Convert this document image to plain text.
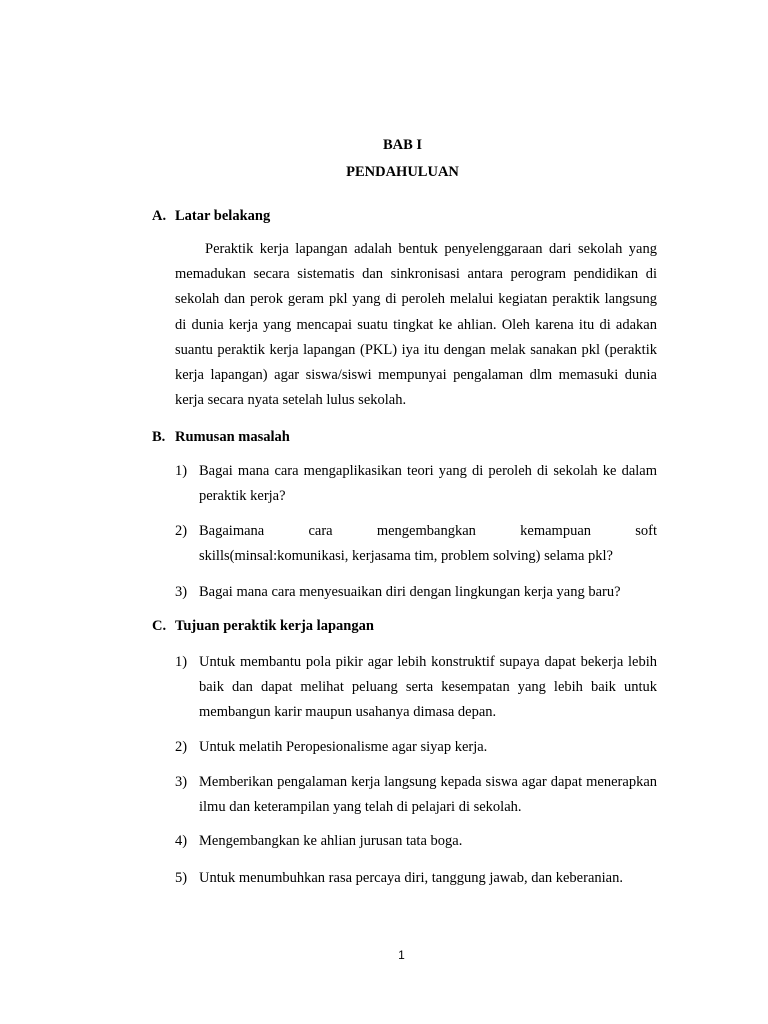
BAB I
PENDAHULUAN
A. Latar belakang
Peraktik kerja lapangan adalah bentuk penyelenggaraan dari sekolah yang memadukan secara sistematis dan sinkronisasi antara perogram pendidikan di sekolah dan perok geram pkl yang di peroleh melalui kegiatan peraktik langsung di dunia kerja yang mencapai suatu tingkat ke ahlian. Oleh karena itu di adakan suantu peraktik kerja lapangan (PKL) iya itu dengan melak sanakan pkl (peraktik kerja lapangan) agar siswa/siswi mempunyai pengalaman dlm memasuki dunia kerja secara nyata setelah lulus sekolah.
B. Rumusan masalah
1) Bagai mana cara mengaplikasikan teori yang di peroleh di sekolah ke dalam peraktik kerja?
2) Bagaimana cara mengembangkan kemampuan soft
skills(minsal:komunikasi, kerjasama tim, problem solving) selama pkl?
3) Bagai mana cara menyesuaikan diri dengan lingkungan kerja yang baru?
C. Tujuan peraktik kerja lapangan
1) Untuk membantu pola pikir agar lebih konstruktif supaya dapat bekerja lebih baik dan dapat melihat peluang serta kesempatan yang lebih baik untuk membangun karir maupun usahanya dimasa depan.
2) Untuk melatih Peropesionalisme agar siyap kerja.
3) Memberikan pengalaman kerja langsung kepada siswa agar dapat menerapkan ilmu dan keterampilan yang telah di pelajari di sekolah.
4) Mengembangkan ke ahlian jurusan tata boga.
5) Untuk menumbuhkan rasa percaya diri, tanggung jawab, dan keberanian.
1
